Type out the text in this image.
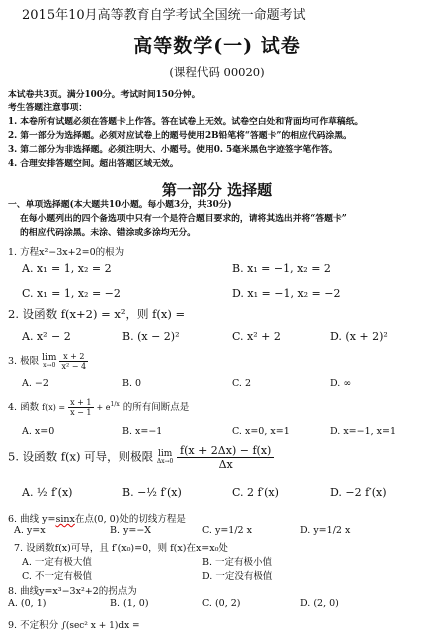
2015年10月高等教育自学考试全国统一命题考试
高等数学(一) 试卷
(课程代码 00020)
本试卷共3页。满分100分。考试时间150分钟。
考生答题注意事项：
1. 本卷所有试题必须在答题卡上作答。答在试卷上无效。试卷空白处和背面均可作草稿纸。
2. 第一部分为选择题。必须对应试卷上的题号使用2B铅笔将“答题卡”的相应代码涂黑。
3. 第二部分为非选择题。必须注明大、小题号。使用0. 5毫米黑色字迹签字笔作答。
4. 合理安排答题空间。超出答题区域无效。
第一部分 选择题
一、单项选择题(本大题共10小题。每小题3分，共30分)
在每小题列出的四个备选项中只有一个是符合题目要求的，请将其选出并将“答题卡”
的相应代码涂黑。未涂、错涂或多涂均无分。
1. 方程x²−3x+2=0的根为
A. x₁ = 1, x₂ = 2	B. x₁ = −1, x₂ = 2
C. x₁ = 1, x₂ = −2	D. x₁ = −1, x₂ = −2
2. 设函数 f(x+2) = x²，则 f(x) =
A. x² − 2	B. (x − 2)²	C. x² + 2	D. (x + 2)²
3. 极限 lim
x→0
$\frac{x + 2}{\text{x² − 4}}$
A. −2	B. 0	C. 2	D. ∞
4. 函数 $f(x) = \frac{x + 1}{x - 1} + e^{1/x}$ 的所有间断点是
A. x=0	B. x=−1	C. x=0, x=1	D. x=−1, x=1
5. 设函数 f(x) 可导，则极限 lim
Δx→0
$\frac{f(x + 2\Delta x) - f(x)}{\Delta x}$
A. ½ f′(x)	B. −½ f′(x)	C. 2 f′(x)	D. −2 f′(x)
6. 曲线 y=sinx在点(0, 0)处的切线方程是
A. y=x	B. y=−X	C. y=1/2 x	D. y=1/2 x
7. 设函数f(x)可导，且 f′(x₀)=0，则 f(x)在x=x₀处
A. 一定有极大值	B. 一定有极小值
C. 不一定有极值	D. 一定没有极值
8. 曲线y=x³−3x²+2的拐点为
A. (0, 1)	B. (1, 0)	C. (0, 2)	D. (2, 0)
9. 不定积分 ∫(sec² x + 1)dx =
